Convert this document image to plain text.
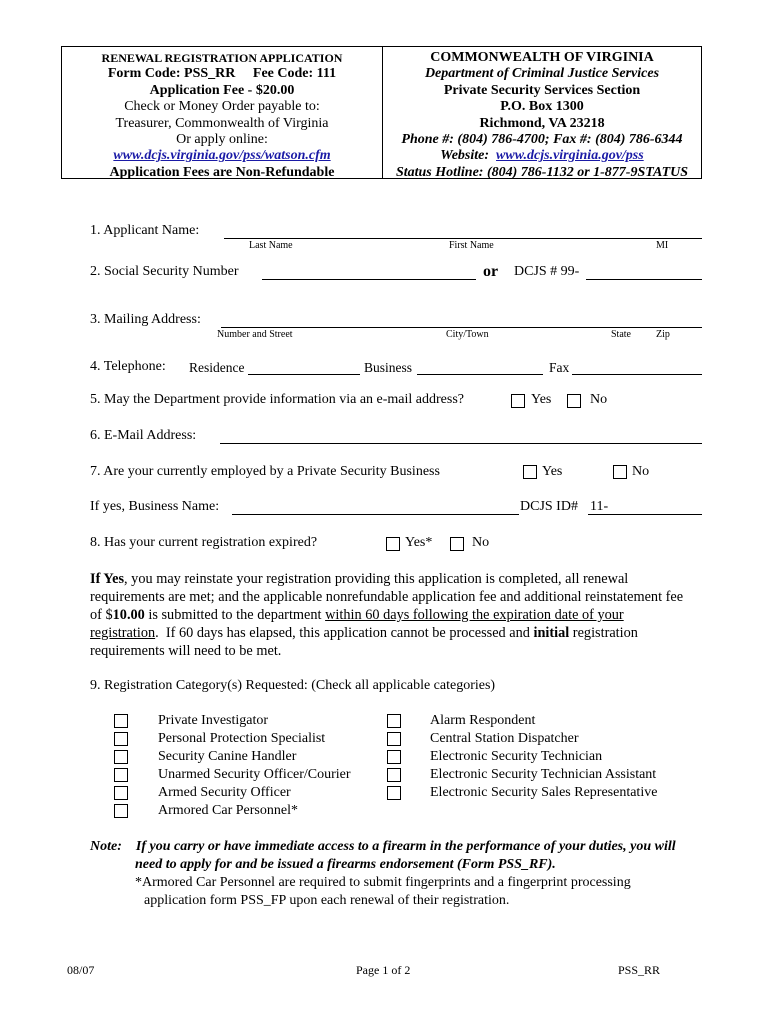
RENEWAL REGISTRATION APPLICATION
Form Code: PSS_RR     Fee Code: 111
Application Fee - $20.00
Check or Money Order payable to:
Treasurer, Commonwealth of Virginia
Or apply online:
www.dcjs.virginia.gov/pss/watson.cfm
Application Fees are Non-Refundable
COMMONWEALTH OF VIRGINIA
Department of Criminal Justice Services
Private Security Services Section
P.O. Box 1300
Richmond, VA 23218
Phone #: (804) 786-4700; Fax #: (804) 786-6344
Website: www.dcjs.virginia.gov/pss
Status Hotline: (804) 786-1132 or 1-877-9STATUS
1. Applicant Name:
Last Name	First Name	MI
2. Social Security Number	or DCJS # 99-
3. Mailing Address:
Number and Street	City/Town	State	Zip
4. Telephone: Residence	Business	Fax
5. May the Department provide information via an e-mail address?	Yes	No
6. E-Mail Address:
7. Are your currently employed by a Private Security Business	Yes	No
If yes, Business Name:	DCJS ID# 11-
8. Has your current registration expired?	Yes*	No
If Yes, you may reinstate your registration providing this application is completed, all renewal
requirements are met; and the applicable nonrefundable application fee and additional reinstatement fee
of $10.00 is submitted to the department within 60 days following the expiration date of your
registration.  If 60 days has elapsed, this application cannot be processed and initial registration
requirements will need to be met.
9. Registration Category(s) Requested: (Check all applicable categories)
Private Investigator
Personal Protection Specialist
Security Canine Handler
Unarmed Security Officer/Courier
Armed Security Officer
Armored Car Personnel*
Alarm Respondent
Central Station Dispatcher
Electronic Security Technician
Electronic Security Technician Assistant
Electronic Security Sales Representative
Note: If you carry or have immediate access to a firearm in the performance of your duties, you will
need to apply for and be issued a firearms endorsement (Form PSS_RF).
*Armored Car Personnel are required to submit fingerprints and a fingerprint processing
application form PSS_FP upon each renewal of their registration.
08/07	Page 1 of 2	PSS_RR
